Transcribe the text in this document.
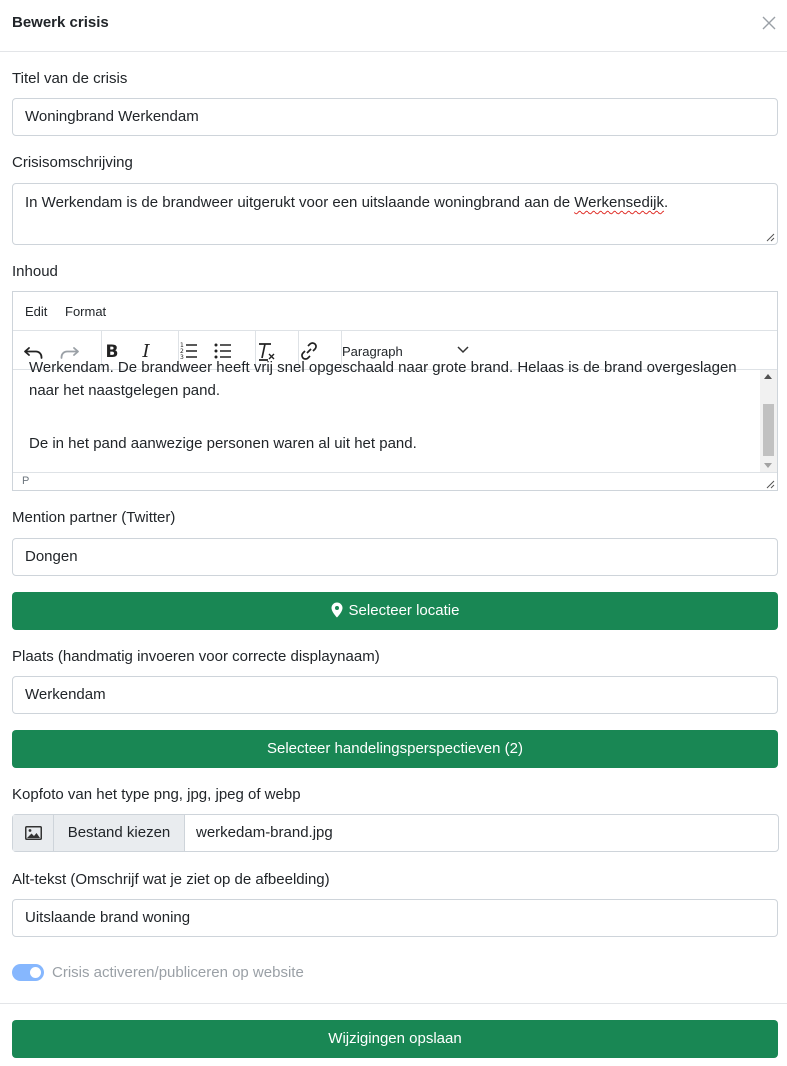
Bewerk crisis
Titel van de crisis
Woningbrand Werkendam
Crisisomschrijving
In Werkendam is de brandweer uitgerukt voor een uitslaande woningbrand aan de Werkensedijk.
Inhoud
Edit Format
B I	1
2
3	Paragraph

Werkendam. De brandweer heeft vrij snel opgeschaald naar grote brand. Helaas is de brand overgeslagen naar het naastgelegen pand.

De in het pand aanwezige personen waren al uit het pand.

P
Mention partner (Twitter)
Dongen
Selecteer locatie
Plaats (handmatig invoeren voor correcte displaynaam)
Werkendam
Selecteer handelingsperspectieven (2)
Kopfoto van het type png, jpg, jpeg of webp
Bestand kiezen	werkedam-brand.jpg
Alt-tekst (Omschrijf wat je ziet op de afbeelding)
Uitslaande brand woning
Crisis activeren/publiceren op website
Wijzigingen opslaan
